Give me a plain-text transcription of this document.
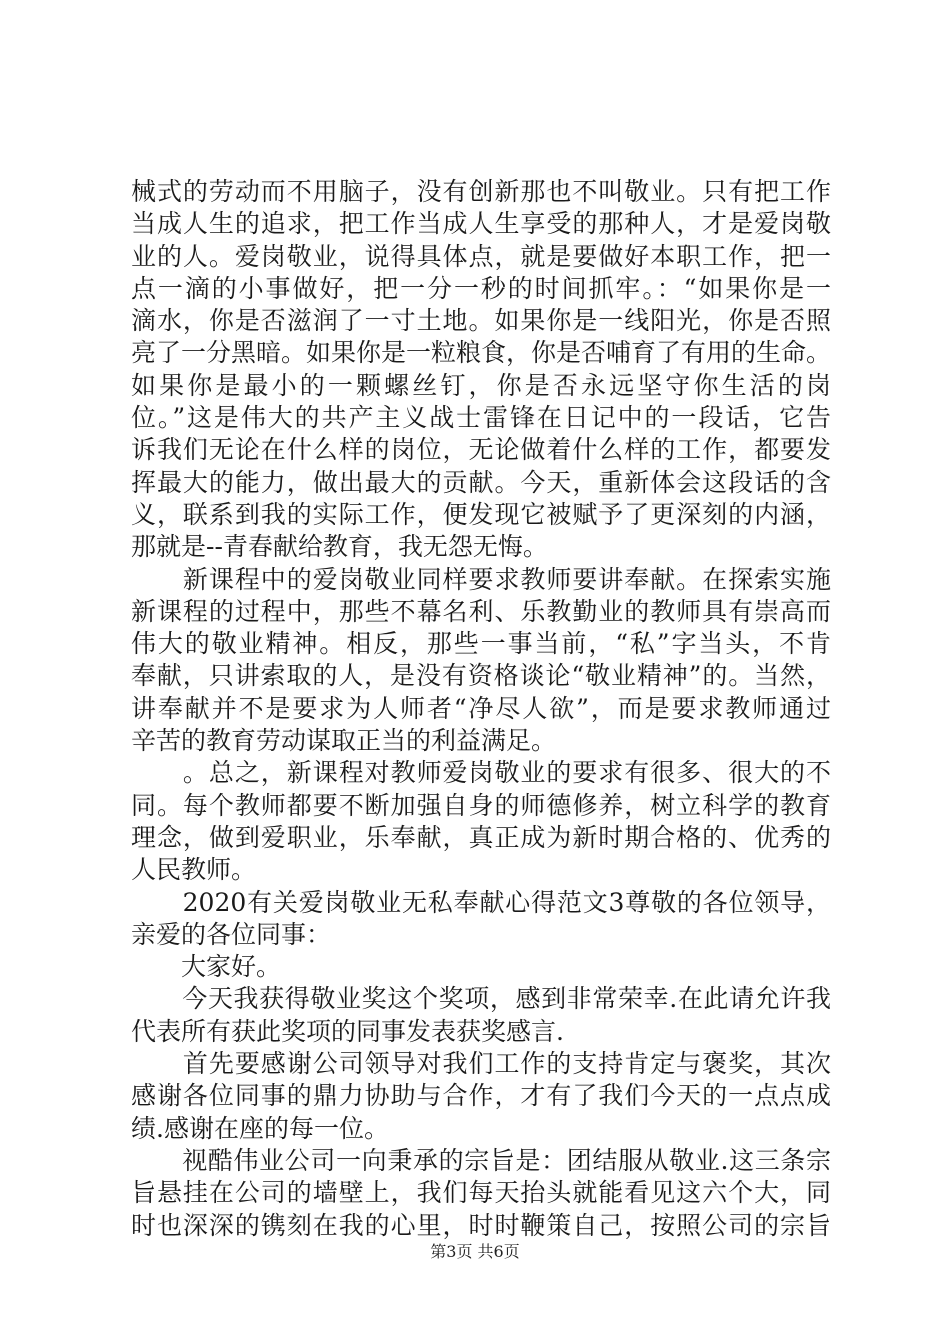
械式的劳动而不用脑子，没有创新那也不叫敬业。只有把工作
当成人生的追求，把工作当成人生享受的那种人，才是爱岗敬
业的人。爱岗敬业，说得具体点，就是要做好本职工作，把一
点一滴的小事做好，把一分一秒的时间抓牢。：“如果你是一
滴水，你是否滋润了一寸土地。如果你是一线阳光，你是否照
亮了一分黑暗。如果你是一粒粮食，你是否哺育了有用的生命。
如果你是最小的一颗螺丝钉，你是否永远坚守你生活的岗
位。”这是伟大的共产主义战士雷锋在日记中的一段话，它告
诉我们无论在什么样的岗位，无论做着什么样的工作，都要发
挥最大的能力，做出最大的贡献。今天，重新体会这段话的含
义，联系到我的实际工作，便发现它被赋予了更深刻的内涵，
那就是--青春献给教育，我无怨无悔。
　　新课程中的爱岗敬业同样要求教师要讲奉献。在探索实施
新课程的过程中，那些不幕名利、乐教勤业的教师具有崇高而
伟大的敬业精神。相反，那些一事当前，“私”字当头，不肯
奉献，只讲索取的人，是没有资格谈论“敬业精神”的。当然，
讲奉献并不是要求为人师者“净尽人欲”，而是要求教师通过
辛苦的教育劳动谋取正当的利益满足。
　　。总之，新课程对教师爱岗敬业的要求有很多、很大的不
同。每个教师都要不断加强自身的师德修养，树立科学的教育
理念，做到爱职业，乐奉献，真正成为新时期合格的、优秀的
人民教师。
　　2020有关爱岗敬业无私奉献心得范文3尊敬的各位领导，
亲爱的各位同事：
　　大家好。
　　今天我获得敬业奖这个奖项，感到非常荣幸.在此请允许我
代表所有获此奖项的同事发表获奖感言.
　　首先要感谢公司领导对我们工作的支持肯定与褒奖，其次
感谢各位同事的鼎力协助与合作，才有了我们今天的一点点成
绩.感谢在座的每一位。
　　视酷伟业公司一向秉承的宗旨是：团结服从敬业.这三条宗
旨悬挂在公司的墙壁上，我们每天抬头就能看见这六个大，同
时也深深的镌刻在我的心里，时时鞭策自己，按照公司的宗旨
第3页 共6页
